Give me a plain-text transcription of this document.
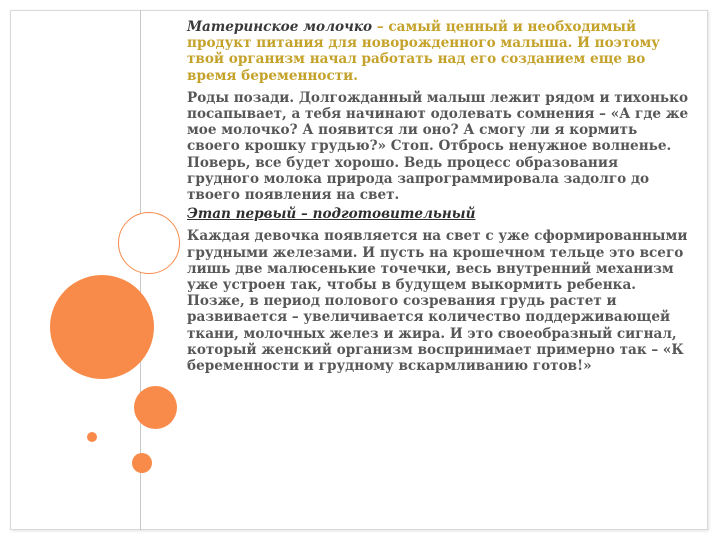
Материнское молочко – самый ценный и необходимый продукт питания для новорожденного малыша. И поэтому твой организм начал работать над его созданием еще во время беременности.

Роды позади. Долгожданный малыш лежит рядом и тихонько посапывает, а тебя начинают одолевать сомнения – «А где же мое молочко? А появится ли оно? А смогу ли я кормить своего крошку грудью?» Стоп. Отбрось ненужное волненье. Поверь, все будет хорошо. Ведь процесс образования грудного молока природа запрограммировала задолго до твоего появления на свет.

Этап первый – подготовительный

Каждая девочка появляется на свет с уже сформированными грудными железами. И пусть на крошечном тельце это всего лишь две малюсенькие точечки, весь внутренний механизм уже устроен так, чтобы в будущем выкормить ребенка. Позже, в период полового созревания грудь растет и развивается – увеличивается количество поддерживающей ткани, молочных желез и жира. И это своеобразный сигнал, который женский организм воспринимает примерно так – «К беременности и грудному вскармливанию готов!»
